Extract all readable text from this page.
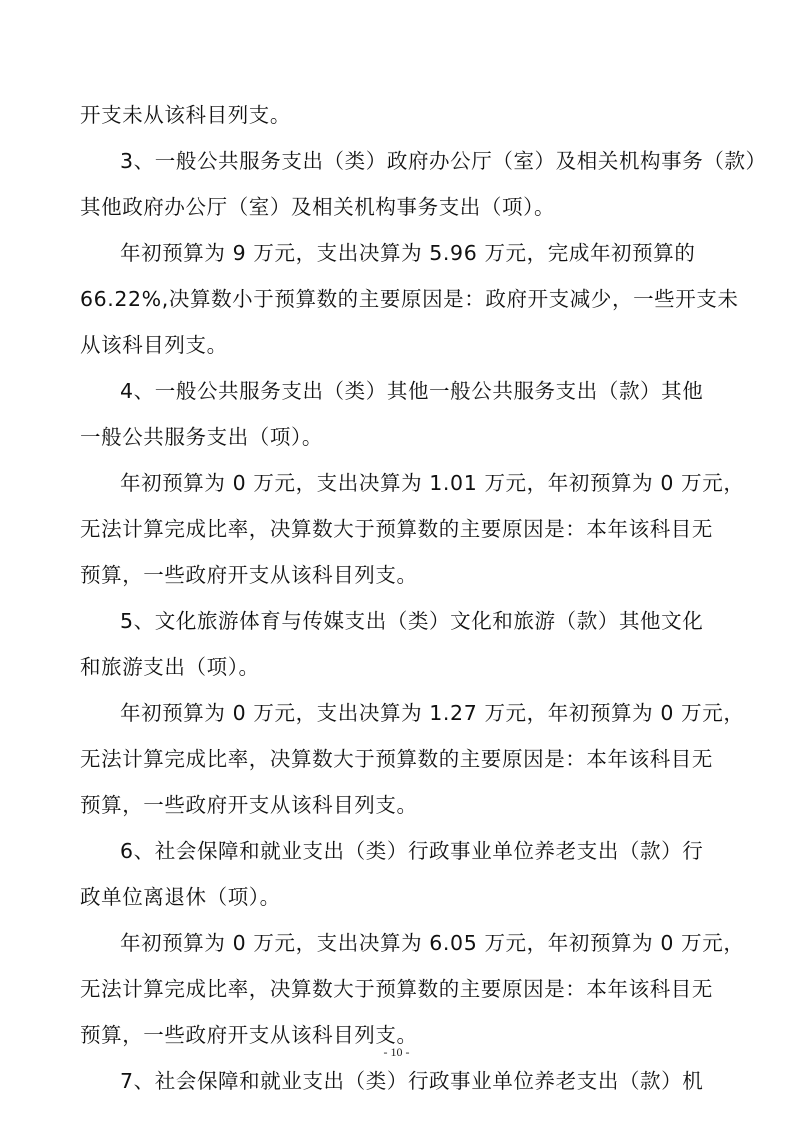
开支未从该科目列支。

3、一般公共服务支出（类）政府办公厅（室）及相关机构事务（款）

其他政府办公厅（室）及相关机构事务支出（项）。

年初预算为 9 万元，支出决算为 5.96 万元，完成年初预算的

66.22%,决算数小于预算数的主要原因是：政府开支减少，一些开支未

从该科目列支。

4、一般公共服务支出（类）其他一般公共服务支出（款）其他

一般公共服务支出（项）。

年初预算为 0 万元，支出决算为 1.01 万元，年初预算为 0 万元，

无法计算完成比率，决算数大于预算数的主要原因是：本年该科目无

预算，一些政府开支从该科目列支。

5、文化旅游体育与传媒支出（类）文化和旅游（款）其他文化

和旅游支出（项）。

年初预算为 0 万元，支出决算为 1.27 万元，年初预算为 0 万元，

无法计算完成比率，决算数大于预算数的主要原因是：本年该科目无

预算，一些政府开支从该科目列支。

6、社会保障和就业支出（类）行政事业单位养老支出（款）行

政单位离退休（项）。

年初预算为 0 万元，支出决算为 6.05 万元，年初预算为 0 万元，

无法计算完成比率，决算数大于预算数的主要原因是：本年该科目无

预算，一些政府开支从该科目列支。

7、社会保障和就业支出（类）行政事业单位养老支出（款）机

- 10 -
